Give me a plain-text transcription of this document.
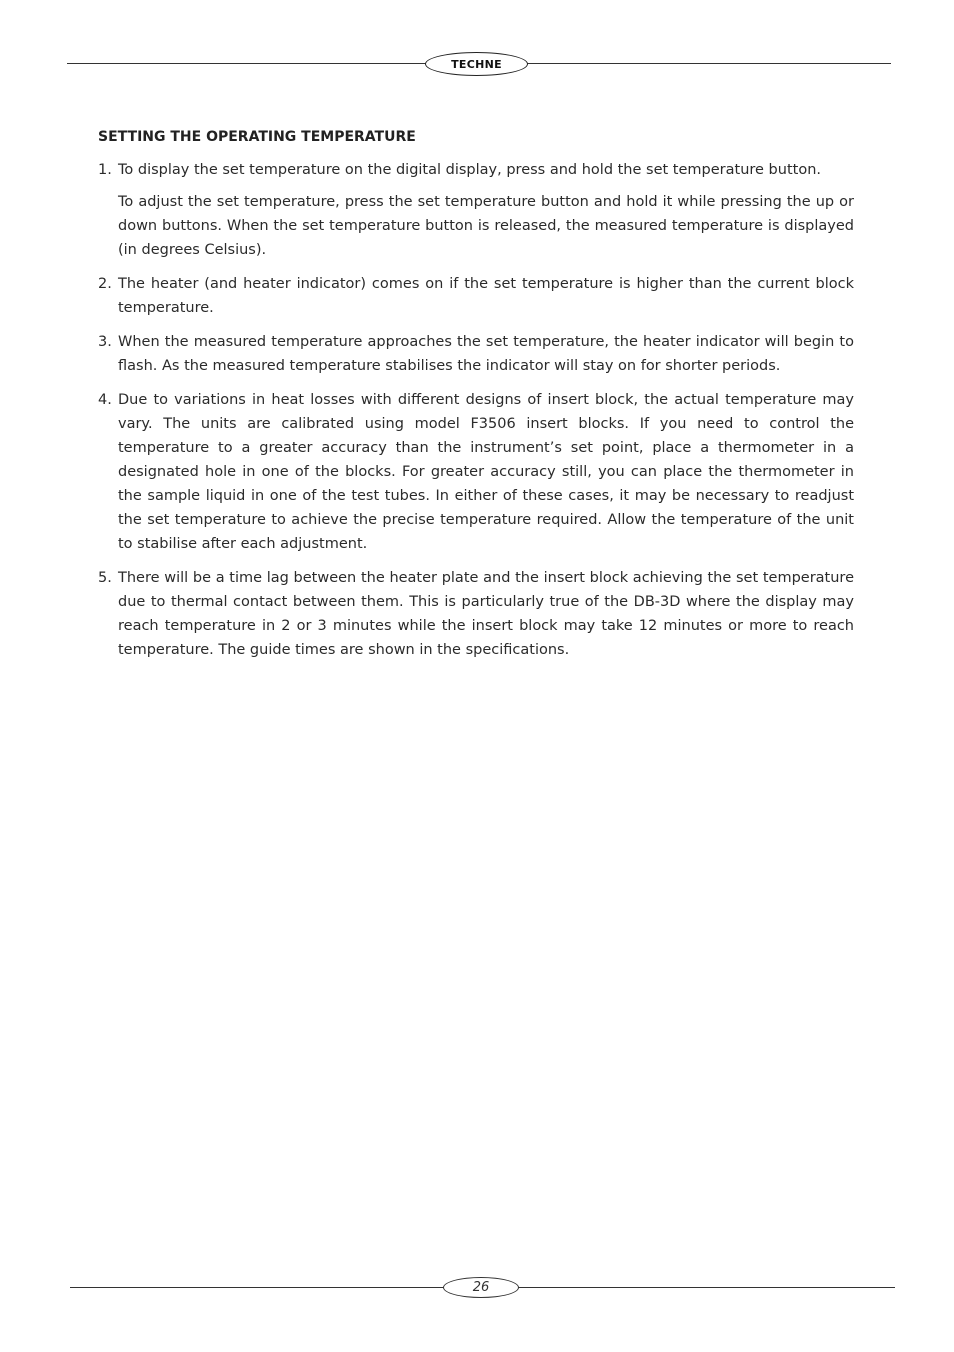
TECHNE
SETTING THE OPERATING TEMPERATURE
1. To display the set temperature on the digital display, press and hold the set temperature button.

To adjust the set temperature, press the set temperature button and hold it while pressing the up or down buttons. When the set temperature button is released, the measured temperature is displayed (in degrees Celsius).

2. The heater (and heater indicator) comes on if the set temperature is higher than the current block temperature.

3. When the measured temperature approaches the set temperature, the heater indicator will begin to flash. As the measured temperature stabilises the indicator will stay on for shorter periods.

4. Due to variations in heat losses with different designs of insert block, the actual temperature may vary. The units are calibrated using model F3506 insert blocks. If you need to control the temperature to a greater accuracy than the instrument’s set point, place a thermometer in a designated hole in one of the blocks. For greater accuracy still, you can place the thermometer in the sample liquid in one of the test tubes. In either of these cases, it may be necessary to readjust the set temperature to achieve the precise temperature required. Allow the temperature of the unit to stabilise after each adjustment.

5. There will be a time lag between the heater plate and the insert block achieving the set temperature due to thermal contact between them. This is particularly true of the DB-3D where the display may reach temperature in 2 or 3 minutes while the insert block may take 12 minutes or more to reach temperature. The guide times are shown in the specifications.

26
